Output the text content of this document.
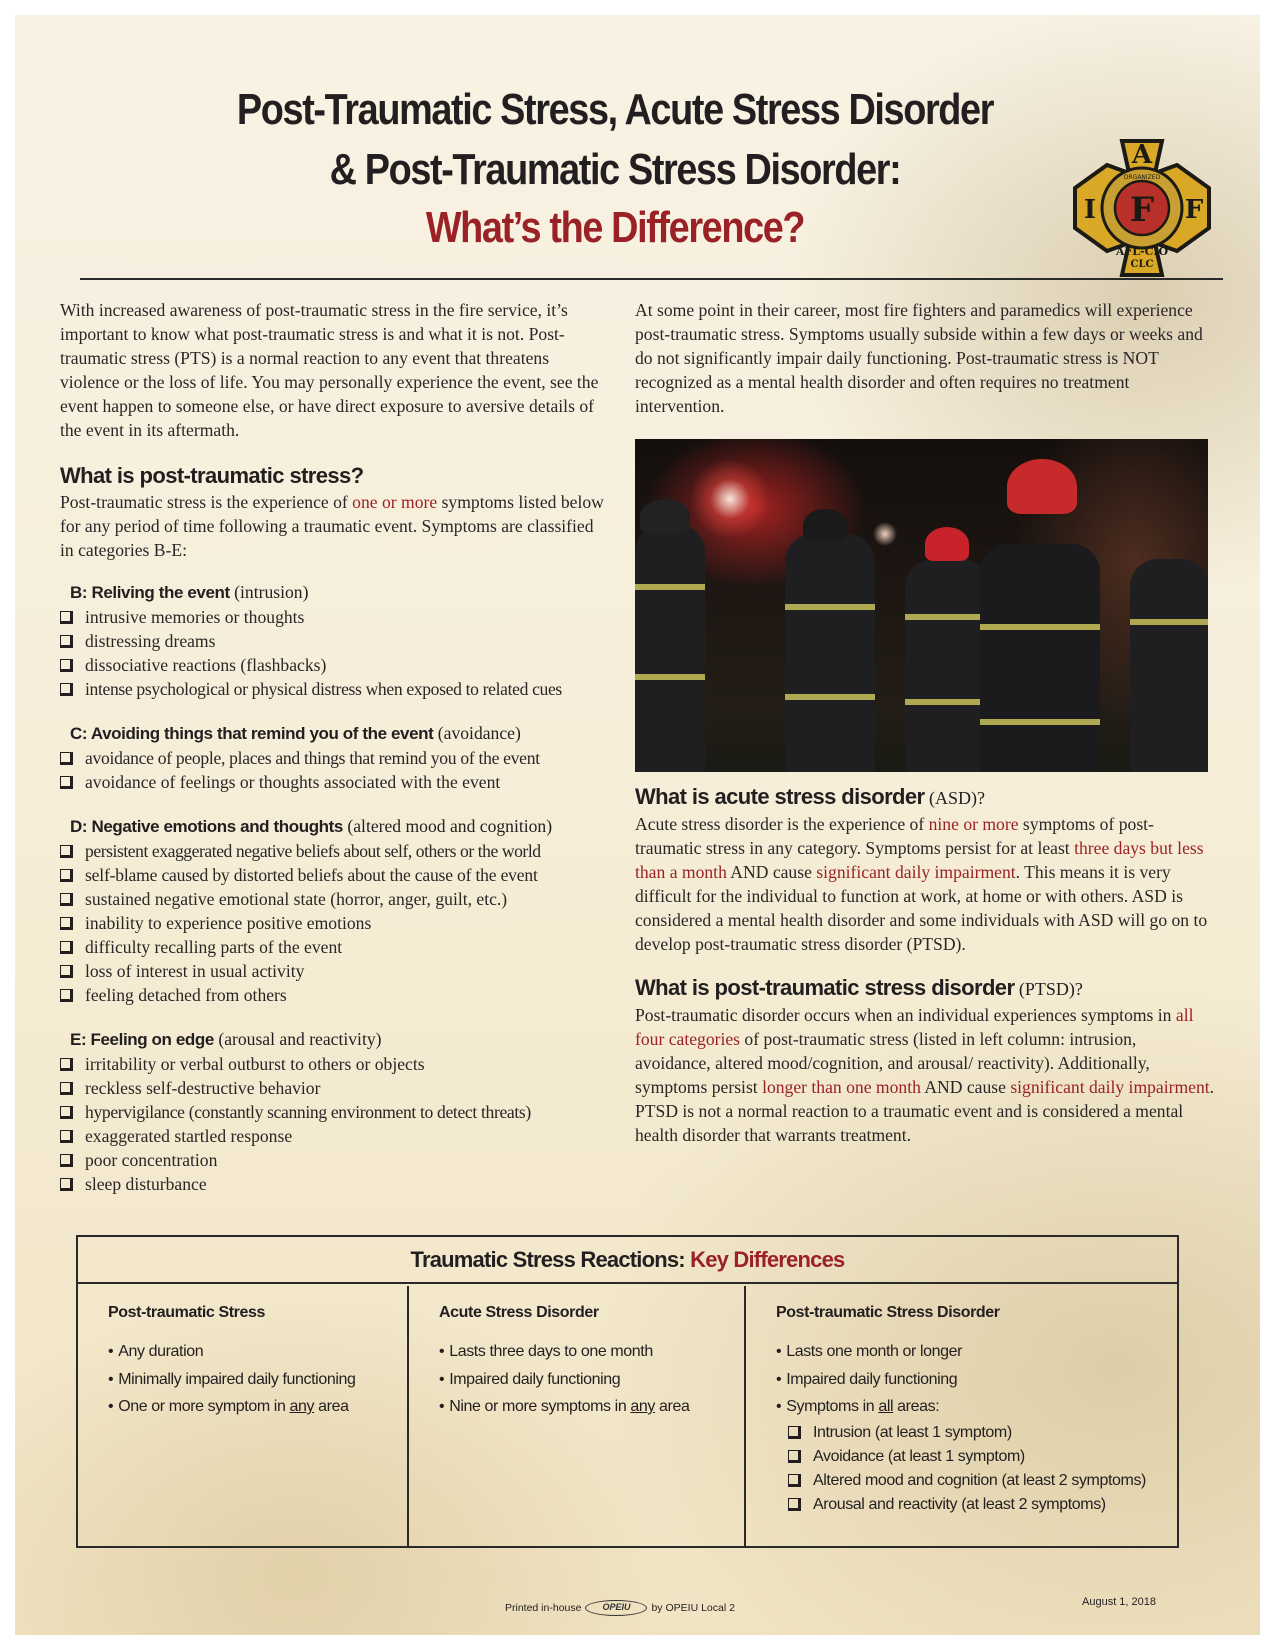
Post-Traumatic Stress, Acute Stress Disorder
& Post-Traumatic Stress Disorder:
What’s the Difference?
A
I	F
F
ORGANIZED
AFL-CIO
CLC

With increased awareness of post-traumatic stress in the fire service, it’s important to know what post-traumatic stress is and what it is not. Post-traumatic stress (PTS) is a normal reaction to any event that threatens violence or the loss of life. You may personally experience the event, see the event happen to someone else, or have direct exposure to aversive details of the event in its aftermath.

What is post-traumatic stress?

Post-traumatic stress is the experience of one or more symptoms listed below for any period of time following a traumatic event. Symptoms are classified in categories B-E:

B: Reliving the event (intrusion)
intrusive memories or thoughts
distressing dreams
dissociative reactions (flashbacks)
intense psychological or physical distress when exposed to related cues
C: Avoiding things that remind you of the event (avoidance)
avoidance of people, places and things that remind you of the event
avoidance of feelings or thoughts associated with the event
D: Negative emotions and thoughts (altered mood and cognition)
persistent exaggerated negative beliefs about self, others or the world
self-blame caused by distorted beliefs about the cause of the event
sustained negative emotional state (horror, anger, guilt, etc.)
inability to experience positive emotions
difficulty recalling parts of the event
loss of interest in usual activity
feeling detached from others
E: Feeling on edge (arousal and reactivity)
irritability or verbal outburst to others or objects
reckless self-destructive behavior
hypervigilance (constantly scanning environment to detect threats)
exaggerated startled response
poor concentration
sleep disturbance

At some point in their career, most fire fighters and paramedics will experience post-traumatic stress. Symptoms usually subside within a few days or weeks and do not significantly impair daily functioning. Post-traumatic stress is NOT recognized as a mental health disorder and often requires no treatment intervention.

What is acute stress disorder (ASD)?

Acute stress disorder is the experience of nine or more symptoms of post-traumatic stress in any category. Symptoms persist for at least three days but less than a month AND cause significant daily impairment. This means it is very difficult for the individual to function at work, at home or with others. ASD is considered a mental health disorder and some individuals with ASD will go on to develop post-traumatic stress disorder (PTSD).

What is post-traumatic stress disorder (PTSD)?

Post-traumatic disorder occurs when an individual experiences symptoms in all four categories of post-traumatic stress (listed in left column: intrusion, avoidance, altered mood/cognition, and arousal/ reactivity). Additionally, symptoms persist longer than one month AND cause significant daily impairment. PTSD is not a normal reaction to a traumatic event and is considered a mental health disorder that warrants treatment.

Traumatic Stress Reactions: Key Differences
Post-traumatic Stress
• Any duration
• Minimally impaired daily functioning
• One or more symptom in any area
Acute Stress Disorder
• Lasts three days to one month
• Impaired daily functioning
• Nine or more symptoms in any area
Post-traumatic Stress Disorder
• Lasts one month or longer
• Impaired daily functioning
• Symptoms in all areas:
Intrusion (at least 1 symptom)
Avoidance (at least 1 symptom)
Altered mood and cognition (at least 2 symptoms)
Arousal and reactivity (at least 2 symptoms)
Printed in-house OPEIU by OPEIU Local 2	August 1, 2018
